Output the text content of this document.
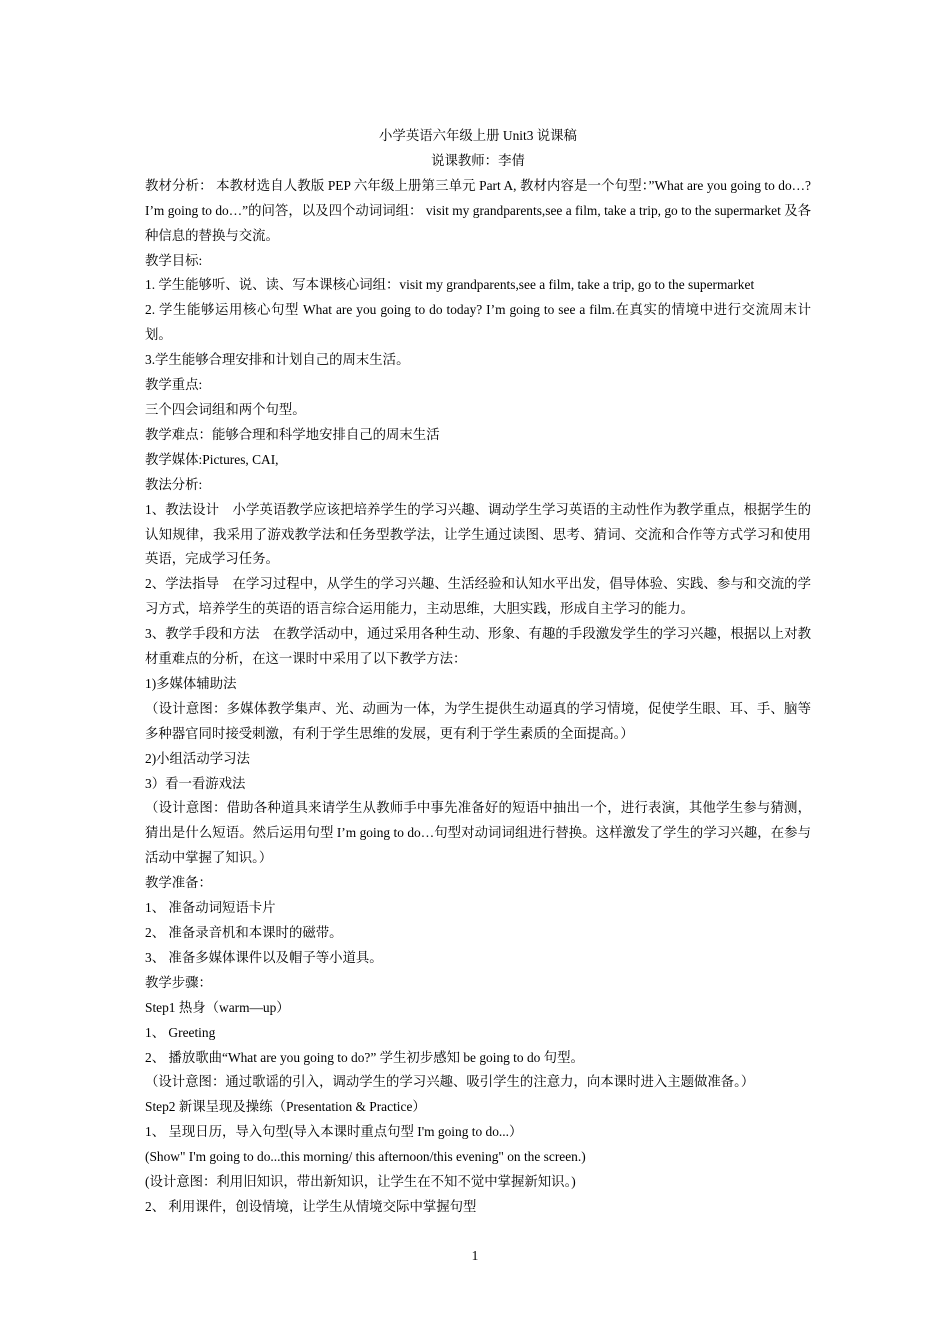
小学英语六年级上册 Unit3 说课稿
说课教师：李倩
教材分析： 本教材选自人教版 PEP 六年级上册第三单元 Part A, 教材内容是一个句型：”What are you going to do…? I’m going to do…”的问答，以及四个动词词组： visit my grandparents,see a film, take a trip, go to the supermarket 及各种信息的替换与交流。
教学目标:
1. 学生能够听、说、读、写本课核心词组：visit my grandparents,see a film, take a trip, go to the supermarket
2. 学生能够运用核心句型 What are you going to do today? I’m going to see a film.在真实的情境中进行交流周末计划。
3.学生能够合理安排和计划自己的周末生活。
教学重点:
三个四会词组和两个句型。
教学难点：能够合理和科学地安排自己的周末生活
教学媒体:Pictures, CAI,
教法分析:
1、教法设计　小学英语教学应该把培养学生的学习兴趣、调动学生学习英语的主动性作为教学重点，根据学生的认知规律，我采用了游戏教学法和任务型教学法，让学生通过读图、思考、猜词、交流和合作等方式学习和使用英语，完成学习任务。
2、学法指导　在学习过程中，从学生的学习兴趣、生活经验和认知水平出发，倡导体验、实践、参与和交流的学习方式，培养学生的英语的语言综合运用能力，主动思维，大胆实践，形成自主学习的能力。
3、教学手段和方法　在教学活动中，通过采用各种生动、形象、有趣的手段激发学生的学习兴趣，根据以上对教材重难点的分析，在这一课时中采用了以下教学方法：
1)多媒体辅助法
（设计意图：多媒体教学集声、光、动画为一体，为学生提供生动逼真的学习情境，促使学生眼、耳、手、脑等多种器官同时接受刺激，有利于学生思维的发展，更有利于学生素质的全面提高。）
2)小组活动学习法
3）看一看游戏法
（设计意图：借助各种道具来请学生从教师手中事先准备好的短语中抽出一个，进行表演，其他学生参与猜测，猜出是什么短语。然后运用句型 I’m going to do…句型对动词词组进行替换。这样激发了学生的学习兴趣，在参与活动中掌握了知识。）
教学准备：
1、 准备动词短语卡片
2、 准备录音机和本课时的磁带。
3、 准备多媒体课件以及帽子等小道具。
教学步骤：
Step1 热身（warm—up）
1、 Greeting
2、 播放歌曲“What are you going to do?” 学生初步感知 be going to do 句型。
（设计意图：通过歌谣的引入，调动学生的学习兴趣、吸引学生的注意力，向本课时进入主题做准备。）
Step2 新课呈现及操练（Presentation & Practice）
1、 呈现日历，导入句型(导入本课时重点句型 I'm going to do...）
(Show" I'm going to do...this morning/ this afternoon/this evening" on the screen.)
(设计意图：利用旧知识，带出新知识，让学生在不知不觉中掌握新知识。)
2、 利用课件，创设情境，让学生从情境交际中掌握句型
1
